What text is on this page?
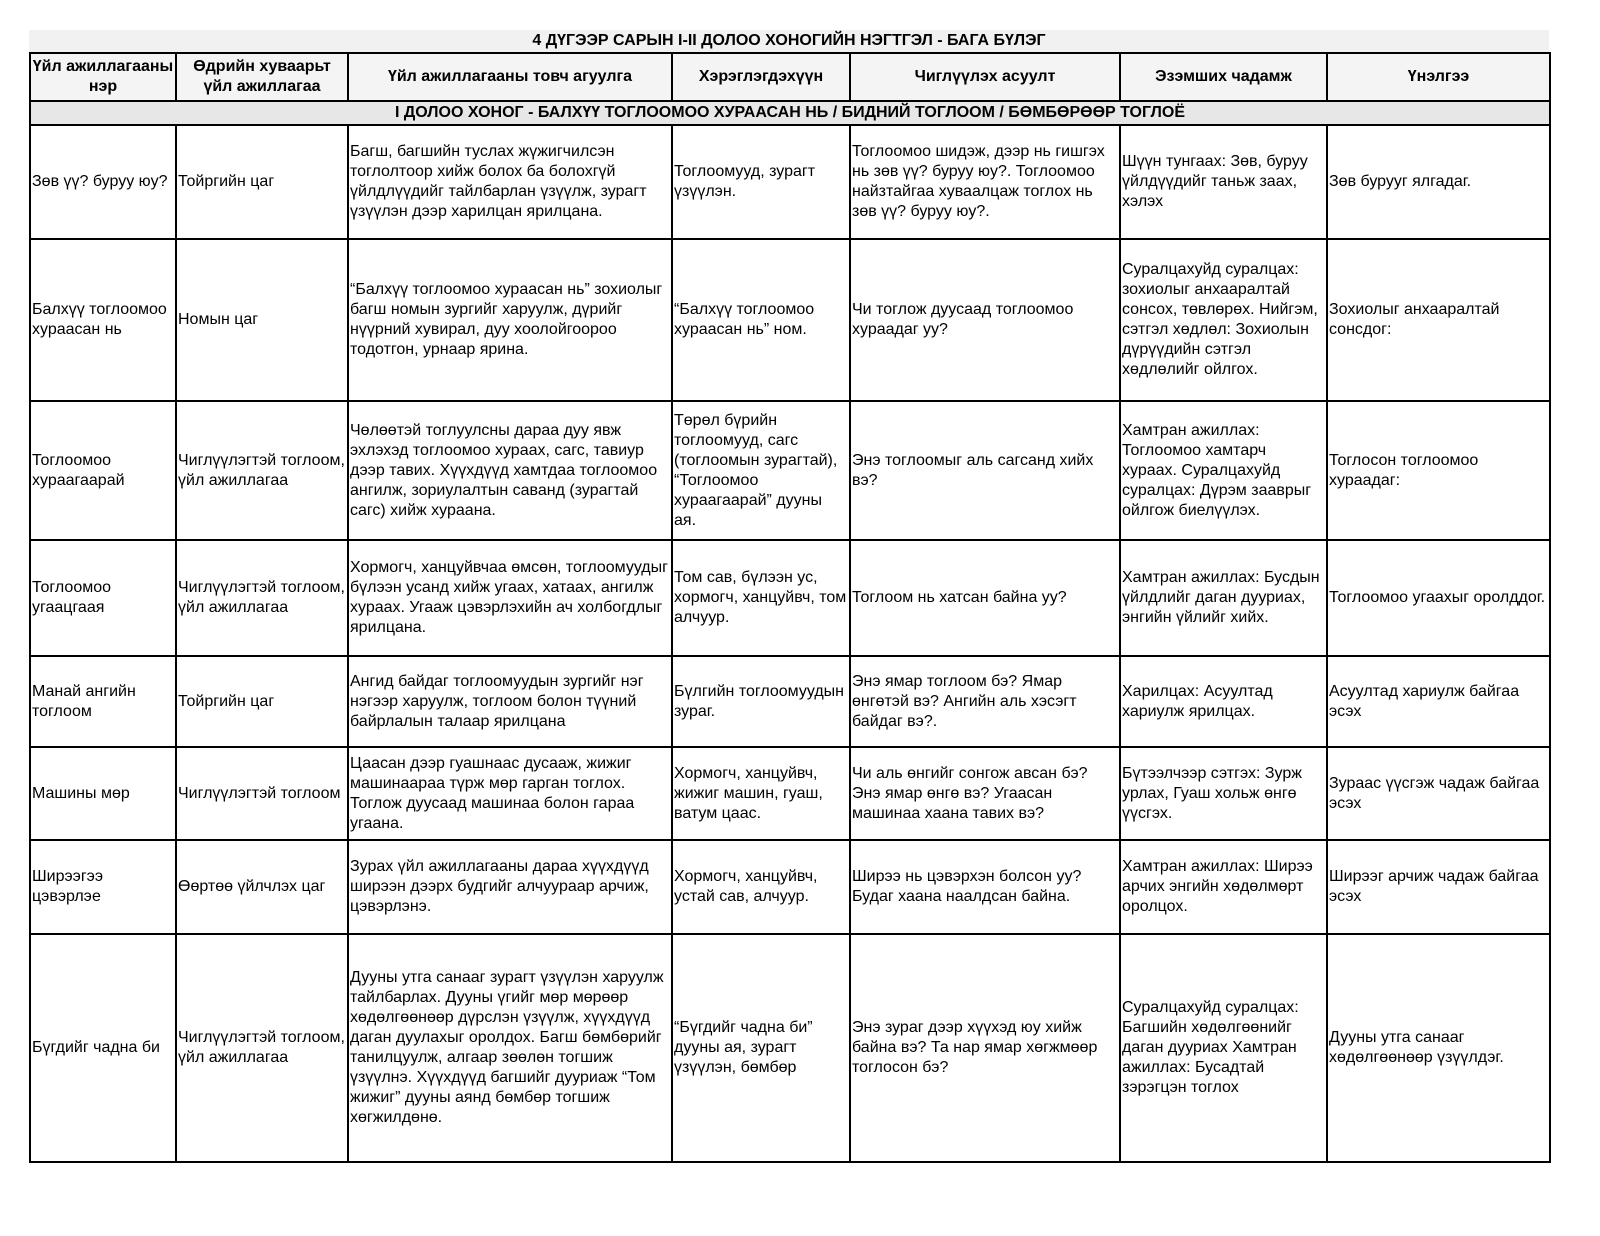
4 ДҮГЭЭР САРЫН I-II ДОЛОО ХОНОГИЙН НЭГТГЭЛ - БАГА БҮЛЭГ
Үйл ажиллагааны нэр	Өдрийн хуваарьт үйл ажиллагаа	Үйл ажиллагааны товч агуулга	Хэрэглэгдэхүүн	Чиглүүлэх асуулт	Эзэмших чадамж	Үнэлгээ

I ДОЛОО ХОНОГ - БАЛХҮҮ ТОГЛООМОО ХУРААСАН НЬ / БИДНИЙ ТОГЛООМ / БӨМБӨРӨӨР ТОГЛОЁ						
Зөв үү? буруу юу?	Тойргийн цаг	Багш, багшийн туслах жүжигчилсэн тоглолтоор хийж болох ба болохгүй үйлдлүүдийг тайлбарлан үзүүлж, зурагт үзүүлэн дээр харилцан ярилцана.	Тоглоомууд, зурагт үзүүлэн.	Тоглоомоо шидэж, дээр нь гишгэх нь зөв үү? буруу юу?. Тоглоомоо найзтайгаа хуваалцаж тоглох нь зөв үү? буруу юу?.	Шүүн тунгаах: Зөв, буруу үйлдүүдийг таньж заах, хэлэх	Зөв бурууг ялгадаг.
Балхүү тоглоомоо хураасан нь	Номын цаг	“Балхүү тоглоомоо хураасан нь” зохиолыг багш номын зургийг харуулж, дүрийг нүүрний хувирал, дуу хоолойгоороо тодотгон, урнаар ярина.	“Балхүү тоглоомоо хураасан нь” ном.	Чи тоглож дуусаад тоглоомоо хураадаг уу?	Суралцахуйд суралцах: зохиолыг анхааралтай сонсох, төвлөрөх. Нийгэм, сэтгэл хөдлөл: Зохиолын дүрүүдийн сэтгэл хөдлөлийг ойлгох.	Зохиолыг анхааралтай сонсдог:
Тоглоомоо хураагаарай	Чиглүүлэгтэй тоглоом, үйл ажиллагаа	Чөлөөтэй тоглуулсны дараа дуу явж эхлэхэд тоглоомоо хураах, сагс, тавиур дээр тавих. Хүүхдүүд хамтдаа тоглоомоо ангилж, зориулалтын саванд (зурагтай сагс) хийж хураана.	Төрөл бүрийн тоглоомууд, сагс (тоглоомын зурагтай), “Тоглоомоо хураагаарай” дууны ая.	Энэ тоглоомыг аль сагсанд хийх вэ?	Хамтран ажиллах: Тоглоомоо хамтарч хураах. Суралцахуйд суралцах: Дүрэм зааврыг ойлгож биелүүлэх.	Тоглосон тоглоомоо хураадаг:
Тоглоомоо угаацгаая	Чиглүүлэгтэй тоглоом, үйл ажиллагаа	Хормогч, ханцуйвчаа өмсөн, тоглоомуудыг бүлээн усанд хийж угаах, хатаах, ангилж хураах. Угааж цэвэрлэхийн ач холбогдлыг ярилцана.	Том сав, бүлээн ус, хормогч, ханцуйвч, том алчуур.	Тоглоом нь хатсан байна уу?	Хамтран ажиллах: Бусдын үйлдлийг даган дууриах, энгийн үйлийг хийх.	Тоглоомоо угаахыг оролддог.
Манай ангийн тоглоом	Тойргийн цаг	Ангид байдаг тоглоомуудын зургийг нэг нэгээр харуулж, тоглоом болон түүний байрлалын талаар ярилцана	Бүлгийн тоглоомуудын зураг.	Энэ ямар тоглоом бэ? Ямар өнгөтэй вэ? Ангийн аль хэсэгт байдаг вэ?.	Харилцах: Асуултад хариулж ярилцах.	Асуултад хариулж байгаа эсэх
Машины мөр	Чиглүүлэгтэй тоглоом	Цаасан дээр гуашнаас дусааж, жижиг машинаараа түрж мөр гарган тоглох. Тоглож дуусаад машинаа болон гараа угаана.	Хормогч, ханцуйвч, жижиг машин, гуаш, ватум цаас.	Чи аль өнгийг сонгож авсан бэ? Энэ ямар өнгө вэ? Угаасан машинаа хаана тавих вэ?	Бүтээлчээр сэтгэх: Зурж урлах, Гуаш хольж өнгө үүсгэх.	Зураас үүсгэж чадаж байгаа эсэх
Ширээгээ цэвэрлэе	Өөртөө үйлчлэх цаг	Зурах үйл ажиллагааны дараа хүүхдүүд ширээн дээрх будгийг алчуураар арчиж, цэвэрлэнэ.	Хормогч, ханцуйвч, устай сав, алчуур.	Ширээ нь цэвэрхэн болсон уу? Будаг хаана наалдсан байна.	Хамтран ажиллах: Ширээ арчих энгийн хөдөлмөрт оролцох.	Ширээг арчиж чадаж байгаа эсэх
Бүгдийг чадна би	Чиглүүлэгтэй тоглоом, үйл ажиллагаа	Дууны утга санааг зурагт үзүүлэн харуулж тайлбарлах. Дууны үгийг мөр мөрөөр хөдөлгөөнөөр дүрслэн үзүүлж, хүүхдүүд даган дуулахыг оролдох. Багш бөмбөрийг танилцуулж, алгаар зөөлөн тогшиж үзүүлнэ. Хүүхдүүд багшийг дууриаж “Том жижиг” дууны аянд бөмбөр тогшиж хөгжилдөнө.	“Бүгдийг чадна би” дууны ая, зурагт үзүүлэн, бөмбөр	Энэ зураг дээр хүүхэд юу хийж байна вэ? Та нар ямар хөгжмөөр тоглосон бэ?	Суралцахуйд суралцах: Багшийн хөдөлгөөнийг даган дууриах Хамтран ажиллах: Бусадтай зэрэгцэн тоглох	Дууны утга санааг хөдөлгөөнөөр үзүүлдэг.
